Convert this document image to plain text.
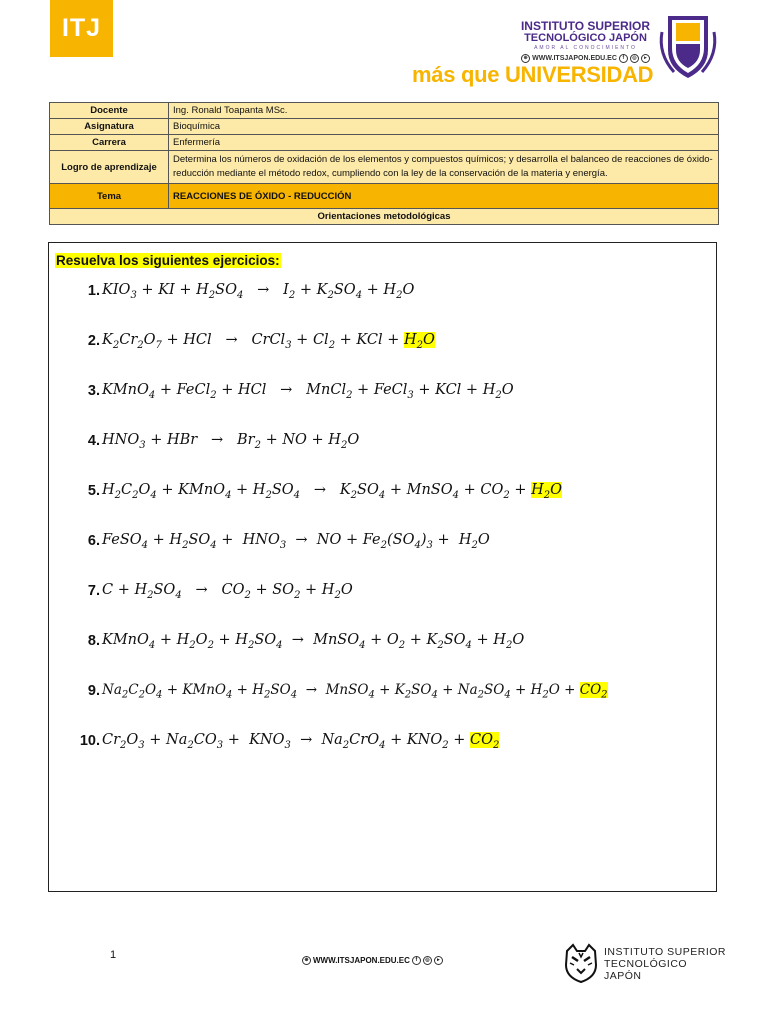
ITJ	INSTITUTO SUPERIOR
TECNOLÓGICO JAPÓN
AMOR AL CONOCIMIENTO
⊕ WWW.ITSJAPON.EDU.EC	f	◎	▸
más que UNIVERSIDAD
Docente	Ing. Ronald Toapanta MSc.
Asignatura	Bioquímica
Carrera	Enfermería
Logro de aprendizaje	Determina los números de oxidación de los elementos y compuestos químicos; y desarrolla el balanceo de reacciones de óxido-reducción mediante el método redox, cumpliendo con la ley de la conservación de la materia y energía.
Tema	REACCIONES DE ÓXIDO - REDUCCIÓN
Orientaciones metodológicas	
Resuelva los siguientes ejercicios:
1. $KIO_3$ + KI + $H_2SO_4 \to I_2 + K_2SO_4 + H_2O$
2. $K_2Cr_2O_7$ + HCl   →   CrCl$_3$ + $Cl_2$ + KCl + $H_2O$
3. KMnO$_4$ + FeCl$_2$ + HCl   →   MnCl$_2$ + FeCl$_3$ + KCl + $H_2O$
4. $HNO_3$ + HBr   →   $Br_2$ + NO + $H_2O$
5. $H_2C_2O_4$ + KMnO$_4$ + $H_2SO_4 \to K_2SO_4$ + MnSO$_4$ + $CO_2 + H_2O$
6. FeSO$_4$ + $H_2SO_4 + HNO_3$  →  NO + $Fe_2(SO_4)_3 + H_2O$
7. $C + H_2SO_4 \to CO_2 + SO_2 + H_2O$
8. KMnO$_4$ + $H_2O_2 + H_2SO_4$  →  MnSO$_4$ + $O_2 + K_2SO_4 + H_2O$
9. $Na_2C_2O_4$ + KMnO$_4$ + $H_2SO_4$  →  MnSO$_4$ + $K_2SO_4 + Na_2SO_4 + H_2O + CO_2$
10. $Cr_2O_3 + Na_2CO_3 + KNO_3 \to Na_2CrO_4 + KNO_2 + CO_2$
1	⊕ WWW.ITSJAPON.EDU.EC	f	◎	▸
INSTITUTO SUPERIOR
TECNOLÓGICO
JAPÓN
